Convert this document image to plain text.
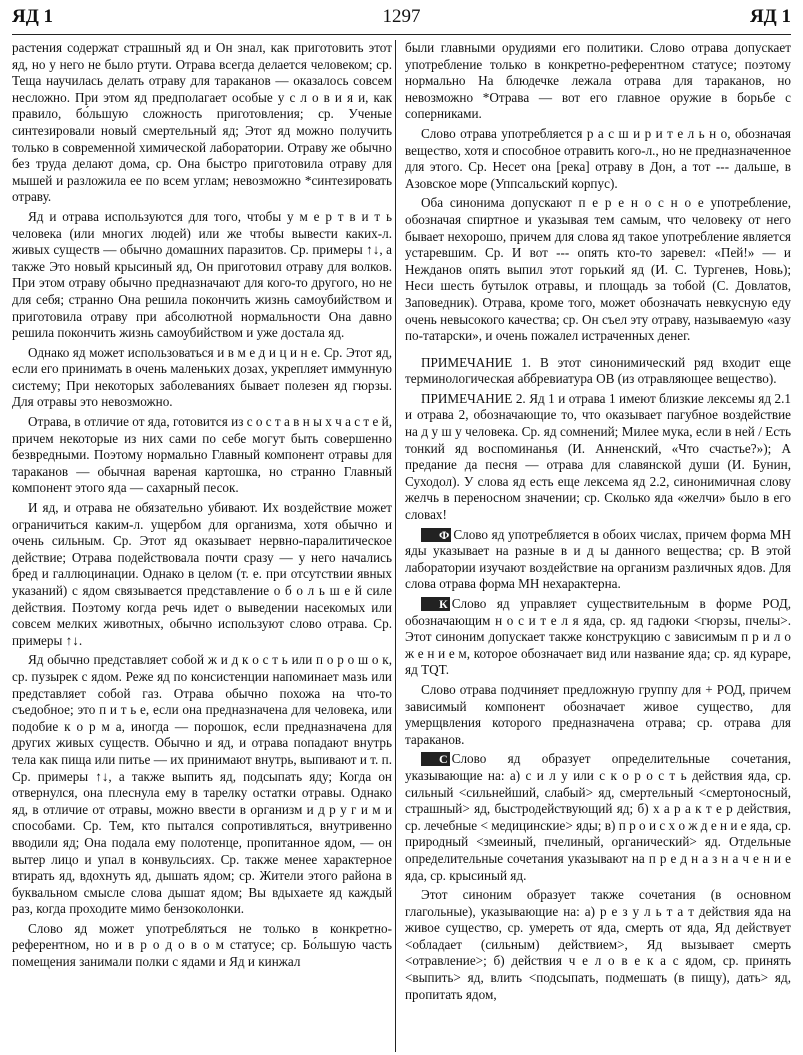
ЯД 1	1297	ЯД 1

растения содержат страшный яд и Он знал, как приготовить этот яд, но у него не было ртути. Отрава всегда делается человеком; ср. Теща научилась делать отраву для тараканов — оказалось совсем несложно. При этом яд предполагает особые у с л о в и я и, как правило, бо́льшую сложность приготовления; ср. Ученые синтезировали новый смертельный яд; Этот яд можно получить только в современной химической лаборатории. Отраву же обычно без труда делают дома, ср. Она быстро приготовила отраву для мышей и разложила ее по всем углам; невозможно *синтезировать отраву.

Яд и отрава используются для того, чтобы у м е р т в и т ь человека (или многих людей) или же чтобы вывести каких-л. живых существ — обычно домашних паразитов. Ср. примеры ↑↓, а также Это новый крысиный яд, Он приготовил отраву для волков. При этом отраву обычно предназначают для кого-то другого, но не для себя; странно Она решила покончить жизнь самоубийством и приготовила отраву при абсолютной нормальности Она давно решила покончить жизнь самоубийством и уже достала яд.

Однако яд может использоваться и в м е д и ц и н е. Ср. Этот яд, если его принимать в очень маленьких дозах, укрепляет иммунную систему; При некоторых заболеваниях бывает полезен яд гюрзы. Для отравы это невозможно.

Отрава, в отличие от яда, готовится из с о с т а в н ы х ч а с т е й, причем некоторые из них сами по себе могут быть совершенно безвредными. Поэтому нормально Главный компонент отравы для тараканов — обычная вареная картошка, но странно Главный компонент этого яда — сахарный песок.

И яд, и отрава не обязательно убивают. Их воздействие может ограничиться каким-л. ущербом для организма, хотя обычно и очень сильным. Ср. Этот яд оказывает нервно-паралитическое действие; Отрава подействовала почти сразу — у него начались бред и галлюцинации. Однако в целом (т. е. при отсутствии явных указаний) с ядом связывается представление о б о л ь ш е й силе действия. Поэтому когда речь идет о выведении насекомых или совсем мелких животных, обычно используют слово отрава. Ср. примеры ↑↓.

Яд обычно представляет собой ж и д к о с т ь или п о р о ш о к, ср. пузырек с ядом. Реже яд по консистенции напоминает мазь или представляет собой газ. Отрава обычно похожа на что-то съедобное; это п и т ь е, если она предназначена для человека, или подобие к о р м а, иногда — порошок, если предназначена для других живых существ. Обычно и яд, и отрава попадают внутрь тела как пища или питье — их принимают внутрь, выпивают и т. п. Ср. примеры ↑↓, а также выпить яд, подсыпать яду; Когда он отвернулся, она плеснула ему в тарелку остатки отравы. Однако яд, в отличие от отравы, можно ввести в организм и д р у г и м и способами. Ср. Тем, кто пытался сопротивляться, внутривенно вводили яд; Она подала ему полотенце, пропитанное ядом, — он вытер лицо и упал в конвульсиях. Ср. также менее характерное втирать яд, вдохнуть яд, дышать ядом; ср. Жители этого района в буквальном смысле слова дышат ядом; Вы вдыхаете яд каждый раз, когда проходите мимо бензоколонки.

Слово яд может употребляться не только в конкретно-референтном, но и в р о д о в о м статусе; ср. Бо́льшую часть помещения занимали полки с ядами и Яд и кинжал

были главными орудиями его политики. Слово отрава допускает употребление только в конкретно-референтном статусе; поэтому нормально На блюдечке лежала отрава для тараканов, но невозможно *Отрава — вот его главное оружие в борьбе с соперниками.

Слово отрава употребляется р а с ш и р и т е л ь н о, обозначая вещество, хотя и способное отравить кого-л., но не предназначенное для этого. Ср. Несет она [река] отраву в Дон, а тот --- дальше, в Азовское море (Уппсальский корпус).

Оба синонима допускают п е р е н о с н о е употребление, обозначая спиртное и указывая тем самым, что человеку от него бывает нехорошо, причем для слова яд такое употребление является устаревшим. Ср. И вот --- опять кто-то заревел: «Пей!» — и Нежданов опять выпил этот горький яд (И. С. Тургенев, Новь); Неси шесть бутылок отравы, и площадь за тобой (С. Довлатов, Заповедник). Отрава, кроме того, может обозначать невкусную еду очень невысокого качества; ср. Он съел эту отраву, называемую «азу по-татарски», и очень пожалел истраченных денег.

ПРИМЕЧАНИЕ 1. В этот синонимический ряд входит еще терминологическая аббревиатура ОВ (из отравляющее вещество).

ПРИМЕЧАНИЕ 2. Яд 1 и отрава 1 имеют близкие лексемы яд 2.1 и отрава 2, обозначающие то, что оказывает пагубное воздействие на д у ш у человека. Ср. яд сомнений; Милее мука, если в ней / Есть тонкий яд воспоминанья (И. Анненский, «Что счастье?»); А предание да песня — отрава для славянской души (И. Бунин, Суходол). У слова яд есть еще лексема яд 2.2, синонимичная слову желчь в переносном значении; ср. Сколько яда «желчи» было в его словах!

Ф Слово яд употребляется в обоих числах, причем форма МН яды указывает на разные в и д ы данного вещества; ср. В этой лаборатории изучают воздействие на организм различных ядов. Для слова отрава форма МН нехарактерна.

К Слово яд управляет существительным в форме РОД, обозначающим н о с и т е л я яда, ср. яд гадюки <гюрзы, пчелы>. Этот синоним допускает также конструкцию с зависимым п р и л о ж е н и е м, которое обозначает вид или название яда; ср. яд кураре, яд TQT.

Слово отрава подчиняет предложную группу для + РОД, причем зависимый компонент обозначает живое существо, для умерщвления которого предназначена отрава; ср. отрава для тараканов.

С Слово яд образует определительные сочетания, указывающие на: а) с и л у или с к о р о с т ь действия яда, ср. сильный <сильнейший, слабый> яд, смертельный <смертоносный, страшный> яд, быстродействующий яд; б) х а р а к т е р действия, ср. лечебные < медицинские> яды; в) п р о и с х о ж д е н и е яда, ср. природный <змеиный, пчелиный, органический> яд. Отдельные определительные сочетания указывают на п р е д н а з н а ч е н и е яда, ср. крысиный яд.

Этот синоним образует также сочетания (в основном глагольные), указывающие на: а) р е з у л ь т а т действия яда на живое существо, ср. умереть от яда, смерть от яда, Яд действует <обладает (сильным) действием>, Яд вызывает смерть <отравление>; б) действия ч е л о в е к а с ядом, ср. принять <выпить> яд, влить <подсыпать, подмешать (в пищу), дать> яд, пропитать ядом,
